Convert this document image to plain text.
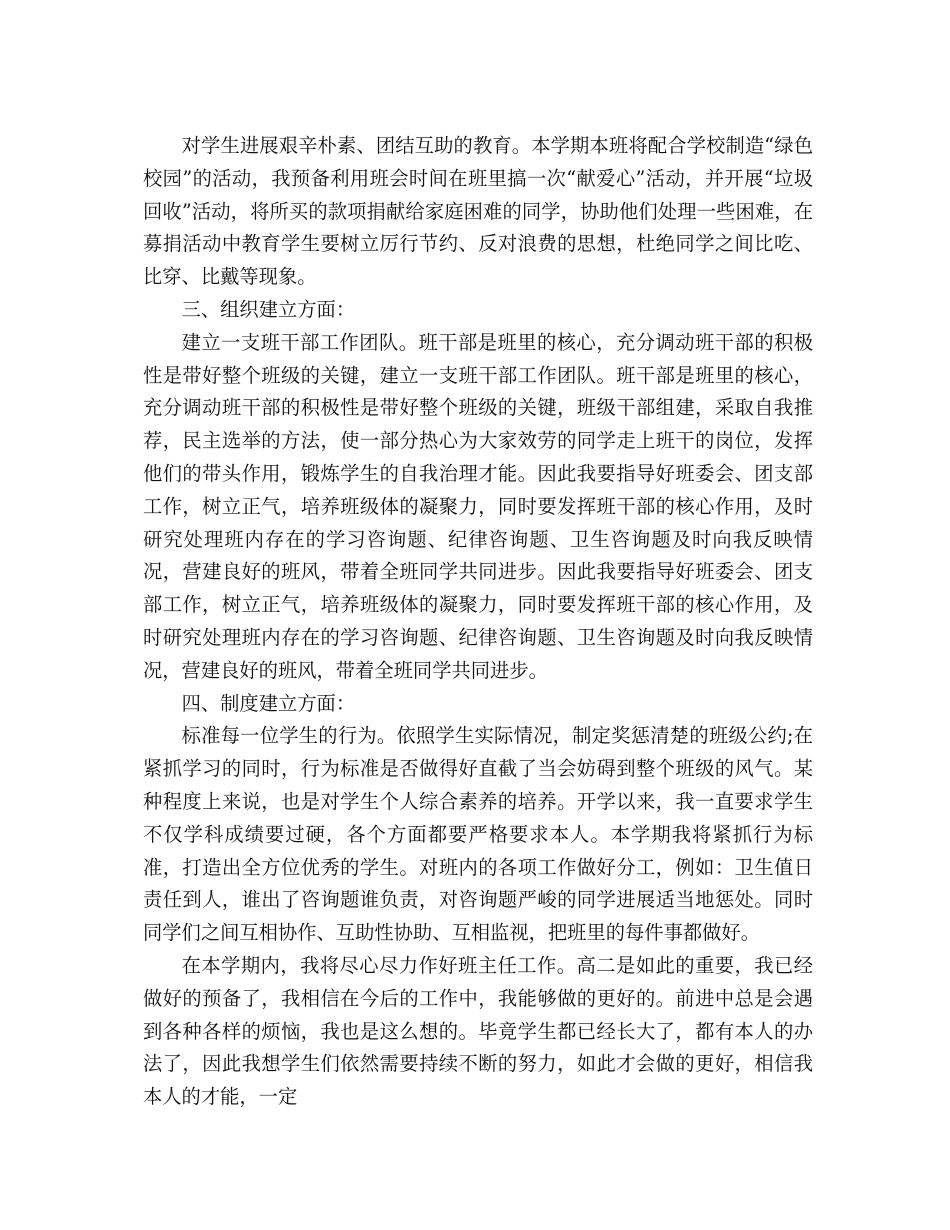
对学生进展艰辛朴素、团结互助的教育。本学期本班将配合学校制造“绿色校园”的活动，我预备利用班会时间在班里搞一次“献爱心”活动，并开展“垃圾回收”活动，将所买的款项捐献给家庭困难的同学，协助他们处理一些困难，在募捐活动中教育学生要树立厉行节约、反对浪费的思想，杜绝同学之间比吃、比穿、比戴等现象。

三、组织建立方面：

建立一支班干部工作团队。班干部是班里的核心，充分调动班干部的积极性是带好整个班级的关键，建立一支班干部工作团队。班干部是班里的核心，充分调动班干部的积极性是带好整个班级的关键，班级干部组建，采取自我推荐，民主选举的方法，使一部分热心为大家效劳的同学走上班干的岗位，发挥他们的带头作用，锻炼学生的自我治理才能。因此我要指导好班委会、团支部工作，树立正气，培养班级体的凝聚力，同时要发挥班干部的核心作用，及时研究处理班内存在的学习咨询题、纪律咨询题、卫生咨询题及时向我反映情况，营建良好的班风，带着全班同学共同进步。因此我要指导好班委会、团支部工作，树立正气，培养班级体的凝聚力，同时要发挥班干部的核心作用，及时研究处理班内存在的学习咨询题、纪律咨询题、卫生咨询题及时向我反映情况，营建良好的班风，带着全班同学共同进步。

四、制度建立方面：

标准每一位学生的行为。依照学生实际情况，制定奖惩清楚的班级公约;在紧抓学习的同时，行为标准是否做得好直截了当会妨碍到整个班级的风气。某种程度上来说，也是对学生个人综合素养的培养。开学以来，我一直要求学生不仅学科成绩要过硬，各个方面都要严格要求本人。本学期我将紧抓行为标准，打造出全方位优秀的学生。对班内的各项工作做好分工，例如：卫生值日责任到人，谁出了咨询题谁负责，对咨询题严峻的同学进展适当地惩处。同时同学们之间互相协作、互助性协助、互相监视，把班里的每件事都做好。

在本学期内，我将尽心尽力作好班主任工作。高二是如此的重要，我已经做好的预备了，我相信在今后的工作中，我能够做的更好的。前进中总是会遇到各种各样的烦恼，我也是这么想的。毕竟学生都已经长大了，都有本人的办法了，因此我想学生们依然需要持续不断的努力，如此才会做的更好，相信我本人的才能，一定
